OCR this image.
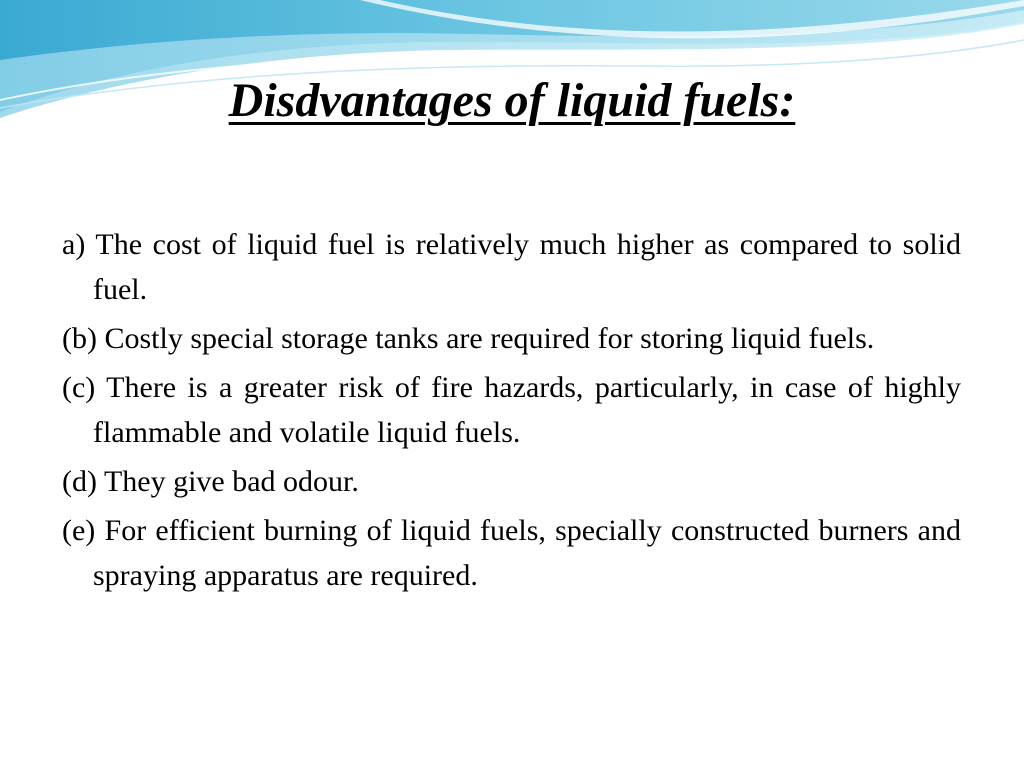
Disdvantages of liquid fuels:
a) The cost of liquid fuel is relatively much higher as compared to solid fuel.
(b) Costly special storage tanks are required for storing liquid fuels.
(c) There is a greater risk of fire hazards, particularly, in case of highly flammable and volatile liquid fuels.
(d) They give bad odour.
(e) For efficient burning of liquid fuels, specially constructed burners and spraying apparatus are required.
